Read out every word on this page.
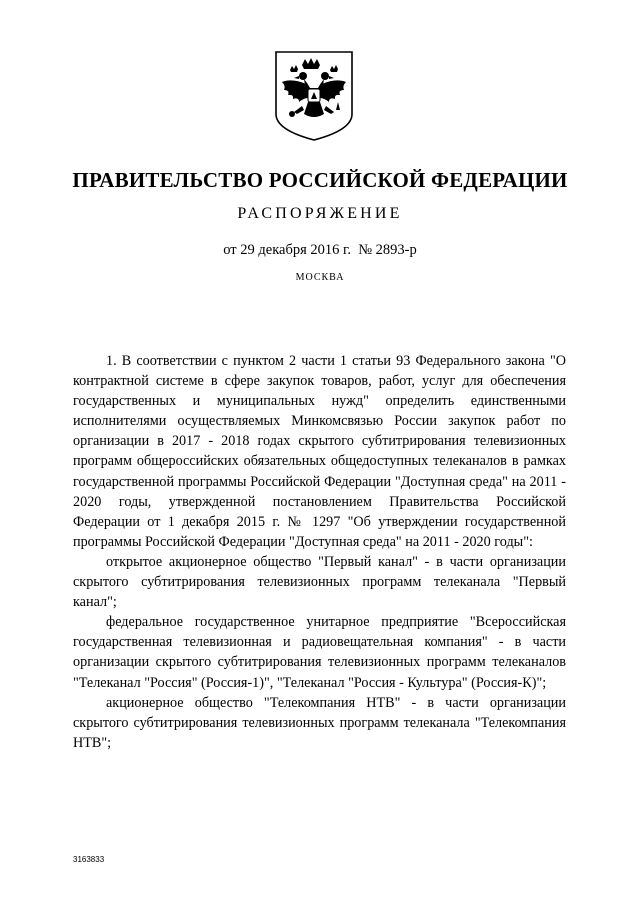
ПРАВИТЕЛЬСТВО РОССИЙСКОЙ ФЕДЕРАЦИИ
РАСПОРЯЖЕНИЕ
от 29 декабря 2016 г.  № 2893-р
МОСКВА

1. В соответствии с пунктом 2 части 1 статьи 93 Федерального закона "О контрактной системе в сфере закупок товаров, работ, услуг для обеспечения государственных и муниципальных нужд" определить единственными исполнителями осуществляемых Минкомсвязью России закупок работ по организации в 2017 - 2018 годах скрытого субтитрирования телевизионных программ общероссийских обязательных общедоступных телеканалов в рамках государственной программы Российской Федерации "Доступная среда" на 2011 - 2020 годы, утвержденной постановлением Правительства Российской Федерации от 1 декабря 2015 г. № 1297 "Об утверждении государственной программы Российской Федерации "Доступная среда" на 2011 - 2020 годы":

открытое акционерное общество "Первый канал" - в части организации скрытого субтитрирования телевизионных программ телеканала "Первый канал";

федеральное государственное унитарное предприятие "Всероссийская государственная телевизионная и радиовещательная компания" - в части организации скрытого субтитрирования телевизионных программ телеканалов "Телеканал "Россия" (Россия-1)", "Телеканал "Россия - Культура" (Россия-К)";

акционерное общество "Телекомпания НТВ" - в части организации скрытого субтитрирования телевизионных программ телеканала "Телекомпания НТВ";

3163833
